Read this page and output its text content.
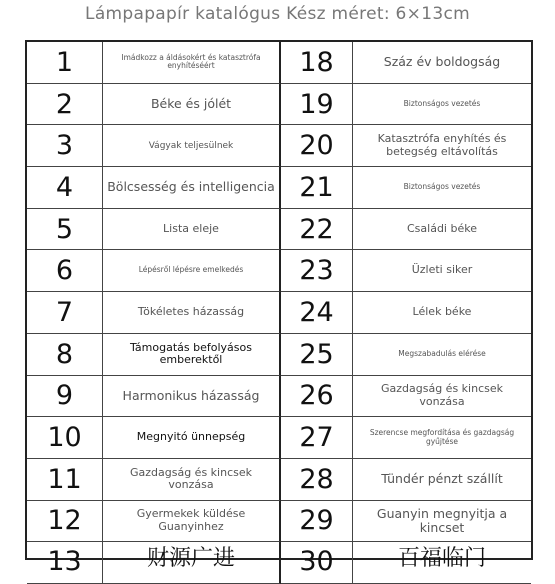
Lámpapapír katalógus Kész méret: 6×13cm
1	Imádkozz a áldásokért és katasztrófa enyhítéséért	18	Száz év boldogság
2	Béke és jólét	19	Biztonságos vezetés
3	Vágyak teljesülnek	20	Katasztrófa enyhítés és betegség eltávolítás
4	Bölcsesség és intelligencia 21	Biztonságos vezetés
5	Lista eleje	22	Családi béke
6	Lépésről lépésre emelkedés	23	Üzleti siker
7	Tökéletes házasság	24	Lélek béke
8	Támogatás befolyásos emberektől	25	Megszabadulás elérése
9	Harmonikus házasság	26	Gazdagság és kincsek vonzása
10	Megnyitó ünnepség	27	Szerencse megfordítása és gazdagság gyűjtése
11	Gazdagság és kincsek vonzása	28	Tündér pénzt szállít
12	Gyermekek küldése Guanyinhez	29	Guanyin megnyitja a kincset
13	财源广进	30	百福临门
